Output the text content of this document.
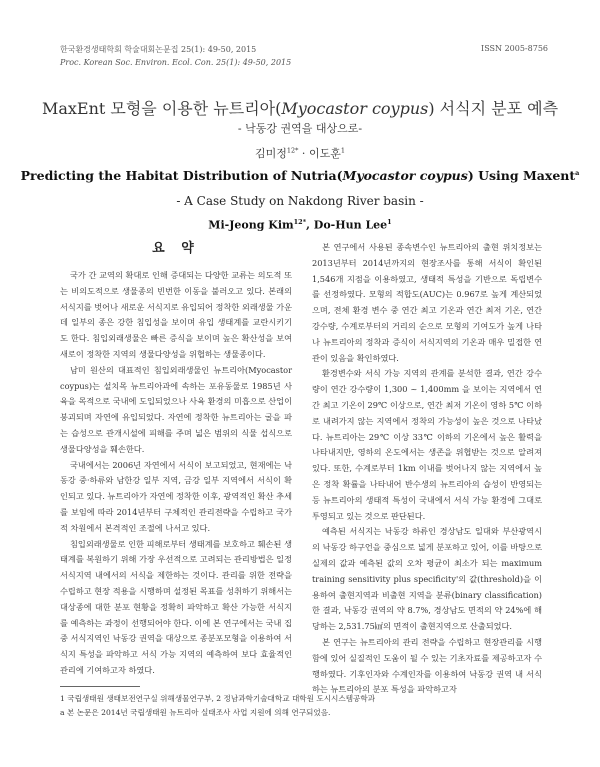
한국환경생태학회 학술대회논문집 25(1): 49-50, 2015
Proc. Korean Soc. Environ. Ecol. Con. 25(1): 49-50, 2015
ISSN 2005-8756
MaxEnt 모형을 이용한 뉴트리아(Myocastor coypus) 서식지 분포 예측
- 낙동강 권역을 대상으로-
김미정$^{12*}$ · 이도훈$^1$
Predicting the Habitat Distribution of Nutria(Myocastor coypus) Using Maxent$^a$
- A Case Study on Nakdong River basin -
Mi-Jeong Kim$^{12*}$, Do-Hun Lee$^1$
요 약

국가 간 교역의 확대로 인해 증대되는 다양한 교류는 의도적 또는 비의도적으로 생물종의 빈번한 이동을 불러오고 있다. 본래의 서식지를 벗어나 새로운 서식지로 유입되어 정착한 외래생물 가운데 일부의 종은 강한 침입성을 보이며 유입 생태계를 교란시키기도 한다. 침입외래생물은 빠른 증식을 보이며 높은 확산성을 보여 새로이 정착한 지역의 생물다양성을 위협하는 생물종이다.

남미 원산의 대표적인 침입외래생물인 뉴트리아(Myocastor coypus)는 설치목 뉴트리아과에 속하는 포유동물로 1985년 사육을 목적으로 국내에 도입되었으나 사육 환경의 미흡으로 산업이 붕괴되며 자연에 유입되었다. 자연에 정착한 뉴트리아는 굴을 파는 습성으로 관개시설에 피해를 주며 넓은 범위의 식물 섭식으로 생물다양성을 훼손한다.

국내에서는 2006년 자연에서 서식이 보고되었고, 현재에는 낙동강 중·하류와 남한강 일부 지역, 금강 일부 지역에서 서식이 확인되고 있다. 뉴트리아가 자연에 정착한 이후, 광역적인 확산 추세를 보임에 따라 2014년부터 구체적인 관리전략을 수립하고 국가적 차원에서 본격적인 조절에 나서고 있다.

침입외래생물로 인한 피해로부터 생태계를 보호하고 훼손된 생태계를 복원하기 위해 가장 우선적으로 고려되는 관리방법은 일정 서식지역 내에서의 서식을 제한하는 것이다. 관리를 위한 전략을 수립하고 현장 적용을 시행하며 설정된 목표를 성취하기 위해서는 대상종에 대한 분포 현황을 정확히 파악하고 확산 가능한 서식지를 예측하는 과정이 선행되어야 한다. 이에 본 연구에서는 국내 집중 서식지역인 낙동강 권역을 대상으로 종분포모형을 이용하여 서식지 특성을 파악하고 서식 가능 지역의 예측하여 보다 효율적인 관리에 기여하고자 하였다.

본 연구에서 사용된 종속변수인 뉴트리아의 출현 위치정보는 2013년부터 2014년까지의 현장조사를 통해 서식이 확인된 1,546개 지점을 이용하였고, 생태적 특성을 기반으로 독립변수를 선정하였다. 모형의 적합도(AUC)는 0.967로 높게 계산되었으며, 전체 환경 변수 중 연간 최고 기온과 연간 최저 기온, 연간 강수량, 수계로부터의 거리의 순으로 모형의 기여도가 높게 나타나 뉴트리아의 정착과 증식이 서식지역의 기온과 매우 밀접한 연관이 있음을 확인하였다.

환경변수와 서식 가능 지역의 관계를 분석한 결과, 연간 강수량이 연간 강수량이 1,300 ~ 1,400mm 을 보이는 지역에서 연간 최고 기온이 29℃ 이상으로, 연간 최저 기온이 영하 5℃ 이하로 내려가지 않는 지역에서 정착의 가능성이 높은 것으로 나타났다. 뉴트리아는 29℃ 이상 33℃ 이하의 기온에서 높은 활력을 나타내지만, 영하의 온도에서는 생존을 위협받는 것으로 알려져 있다. 또한, 수계로부터 1km 이내를 벗어나지 않는 지역에서 높은 정착 확률을 나타내어 반수생의 뉴트리아의 습성이 반영되는 등 뉴트리아의 생태적 특성이 국내에서 서식 가능 환경에 그대로 투영되고 있는 것으로 판단된다.

예측된 서식지는 낙동강 하류인 경상남도 일대와 부산광역시의 낙동강 하구언을 중심으로 넓게 분포하고 있어, 이를 바탕으로 실제의 값과 예측된 값의 오차 평균이 최소가 되는 maximum training sensitivity plus specificity'의 값(threshold)을 이용하여 출현지역과 비출현 지역을 분류(binary classification)한 결과, 낙동강 권역의 약 8.7%, 경상남도 면적의 약 24%에 해당하는 2,531.75㎢의 면적이 출현지역으로 산출되었다.

본 연구는 뉴트리아의 관리 전략을 수립하고 현장관리를 시행함에 있어 실질적인 도움이 될 수 있는 기초자료를 제공하고자 수행하였다. 기후인자와 수계인자를 이용하여 낙동강 권역 내 서식하는 뉴트리아의 분포 특성을 파악하고자

1 국립생태원 생태보전연구실 위해생물연구부, 2 정남과학기술대학교 대학원 도시시스템공학과
a 본 논문은 2014년 국립생태원 뉴트리아 실태조사 사업 지원에 의해 연구되었음.
